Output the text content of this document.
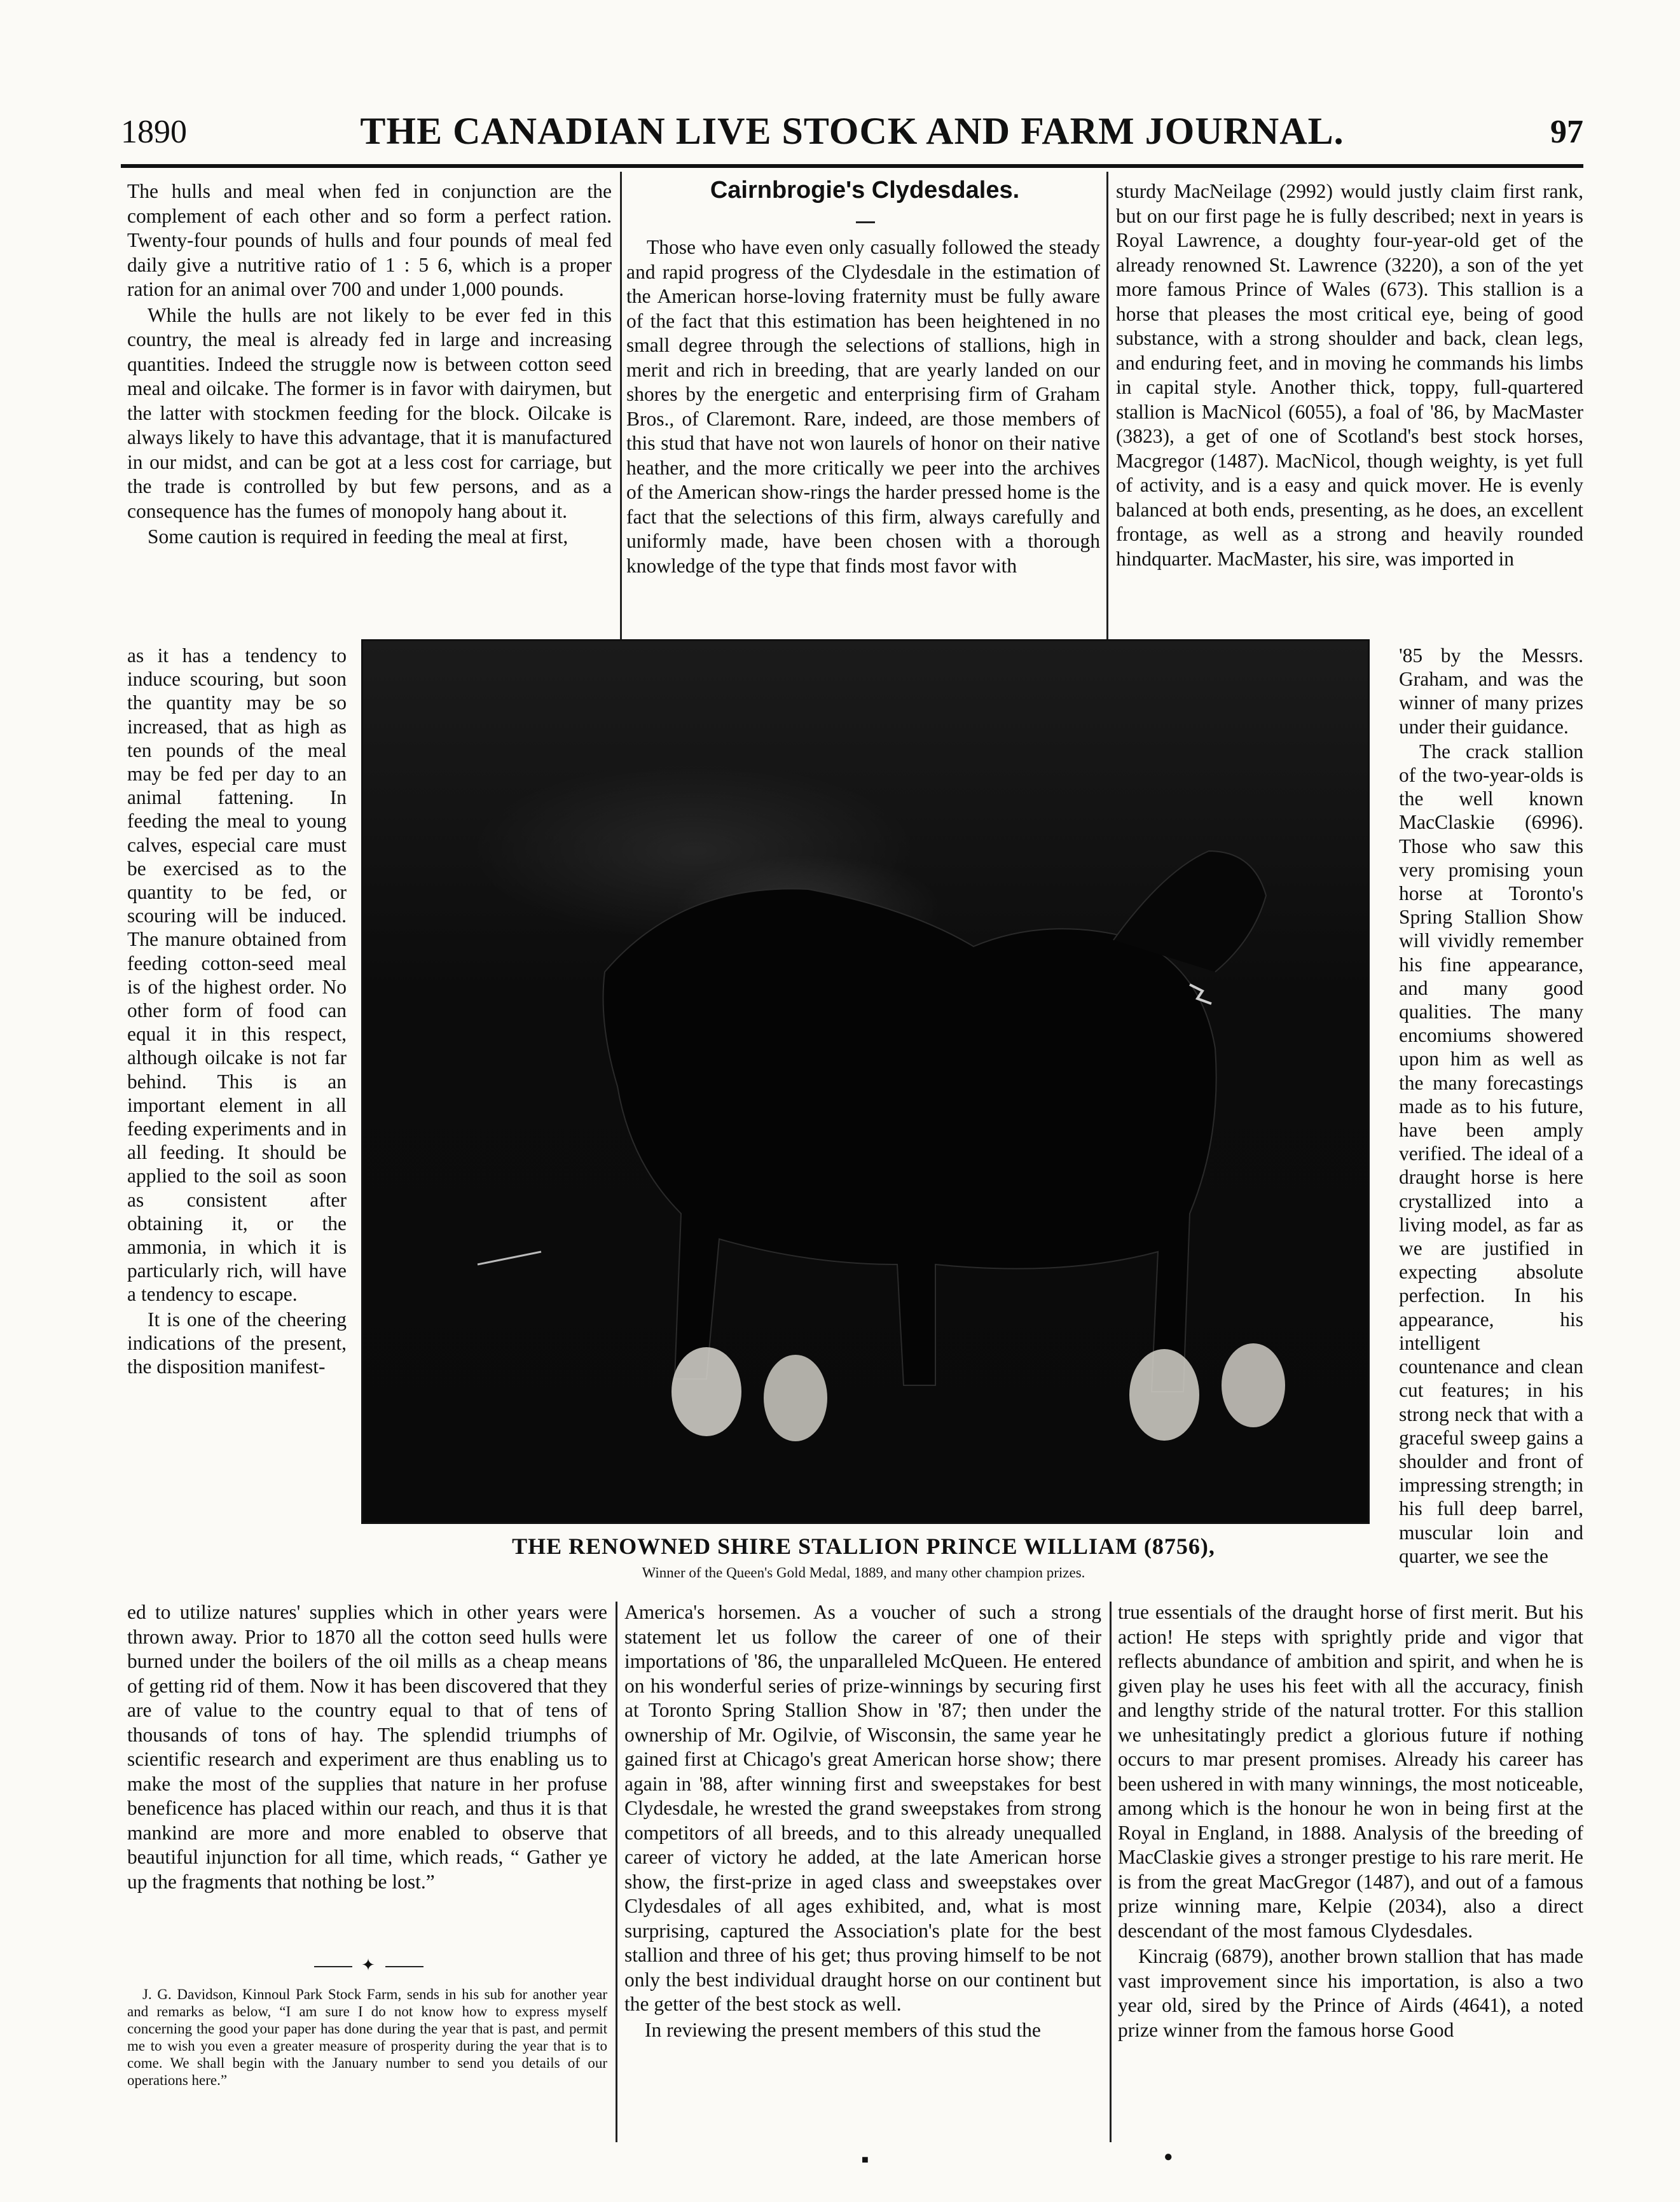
1890	THE CANADIAN LIVE STOCK AND FARM JOURNAL.	97

The hulls and meal when fed in conjunction are the complement of each other and so form a perfect ration. Twenty-four pounds of hulls and four pounds of meal fed daily give a nutritive ratio of 1 : 5 6, which is a proper ration for an animal over 700 and under 1,000 pounds.

While the hulls are not likely to be ever fed in this country, the meal is already fed in large and increasing quantities. Indeed the struggle now is between cotton seed meal and oilcake. The former is in favor with dairymen, but the latter with stockmen feeding for the block. Oilcake is always likely to have this advantage, that it is manufactured in our midst, and can be got at a less cost for carriage, but the trade is controlled by but few persons, and as a consequence has the fumes of monopoly hang about it.

Some caution is required in feeding the meal at first,

as it has a tendency to induce scouring, but soon the quantity may be so increased, that as high as ten pounds of the meal may be fed per day to an animal fattening. In feeding the meal to young calves, especial care must be exercised as to the quantity to be fed, or scouring will be induced. The manure obtained from feeding cotton-seed meal is of the highest order. No other form of food can equal it in this respect, although oilcake is not far behind. This is an important element in all feeding experiments and in all feeding. It should be applied to the soil as soon as consistent after obtaining it, or the ammonia, in which it is particularly rich, will have a tendency to escape.

It is one of the cheering indications of the present, the disposition manifest-

ed to utilize natures' supplies which in other years were thrown away. Prior to 1870 all the cotton seed hulls were burned under the boilers of the oil mills as a cheap means of getting rid of them. Now it has been discovered that they are of value to the country equal to that of tens of thousands of tons of hay. The splendid triumphs of scientific research and experiment are thus enabling us to make the most of the supplies that nature in her profuse beneficence has placed within our reach, and thus it is that mankind are more and more enabled to observe that beautiful injunction for all time, which reads, “ Gather ye up the fragments that nothing be lost.”

✦

J. G. Davidson, Kinnoul Park Stock Farm, sends in his sub for another year and remarks as below, “I am sure I do not know how to express myself concerning the good your paper has done during the year that is past, and permit me to wish you even a greater measure of prosperity during the year that is to come. We shall begin with the January number to send you details of our operations here.”

Cairnbrogie's Clydesdales.

Those who have even only casually followed the steady and rapid progress of the Clydesdale in the estimation of the American horse-loving fraternity must be fully aware of the fact that this estimation has been heightened in no small degree through the selections of stallions, high in merit and rich in breeding, that are yearly landed on our shores by the energetic and enterprising firm of Graham Bros., of Claremont. Rare, indeed, are those members of this stud that have not won laurels of honor on their native heather, and the more critically we peer into the archives of the American show-rings the harder pressed home is the fact that the selections of this firm, always carefully and uniformly made, have been chosen with a thorough knowledge of the type that finds most favor with

THE RENOWNED SHIRE STALLION PRINCE WILLIAM (8756),
Winner of the Queen's Gold Medal, 1889, and many other champion prizes.

America's horsemen. As a voucher of such a strong statement let us follow the career of one of their importations of '86, the unparalleled McQueen. He entered on his wonderful series of prize-winnings by securing first at Toronto Spring Stallion Show in '87; then under the ownership of Mr. Ogilvie, of Wisconsin, the same year he gained first at Chicago's great American horse show; there again in '88, after winning first and sweepstakes for best Clydesdale, he wrested the grand sweepstakes from strong competitors of all breeds, and to this already unequalled career of victory he added, at the late American horse show, the first-prize in aged class and sweepstakes over Clydesdales of all ages exhibited, and, what is most surprising, captured the Association's plate for the best stallion and three of his get; thus proving himself to be not only the best individual draught horse on our continent but the getter of the best stock as well.

In reviewing the present members of this stud the

sturdy MacNeilage (2992) would justly claim first rank, but on our first page he is fully described; next in years is Royal Lawrence, a doughty four-year-old get of the already renowned St. Lawrence (3220), a son of the yet more famous Prince of Wales (673). This stallion is a horse that pleases the most critical eye, being of good substance, with a strong shoulder and back, clean legs, and enduring feet, and in moving he commands his limbs in capital style. Another thick, toppy, full-quartered stallion is MacNicol (6055), a foal of '86, by MacMaster (3823), a get of one of Scotland's best stock horses, Macgregor (1487). MacNicol, though weighty, is yet full of activity, and is a easy and quick mover. He is evenly balanced at both ends, presenting, as he does, an excellent frontage, as well as a strong and heavily rounded hindquarter. MacMaster, his sire, was imported in

'85 by the Messrs. Graham, and was the winner of many prizes under their guidance.

The crack stallion of the two-year-olds is the well known MacClaskie (6996). Those who saw this very promising youn horse at Toronto's Spring Stallion Show will vividly remember his fine appearance, and many good qualities. The many encomiums showered upon him as well as the many forecastings made as to his future, have been amply verified. The ideal of a draught horse is here crystallized into a living model, as far as we are justified in expecting absolute perfection. In his appearance, his intelligent countenance and clean cut features; in his strong neck that with a graceful sweep gains a shoulder and front of impressing strength; in his full deep barrel, muscular loin and quarter, we see the

true essentials of the draught horse of first merit. But his action! He steps with sprightly pride and vigor that reflects abundance of ambition and spirit, and when he is given play he uses his feet with all the accuracy, finish and lengthy stride of the natural trotter. For this stallion we unhesitatingly predict a glorious future if nothing occurs to mar present promises. Already his career has been ushered in with many winnings, the most noticeable, among which is the honour he won in being first at the Royal in England, in 1888. Analysis of the breeding of MacClaskie gives a stronger prestige to his rare merit. He is from the great MacGregor (1487), and out of a famous prize winning mare, Kelpie (2034), also a direct descendant of the most famous Clydesdales.

Kincraig (6879), another brown stallion that has made vast improvement since his importation, is also a two year old, sired by the Prince of Airds (4641), a noted prize winner from the famous horse Good

■	●
